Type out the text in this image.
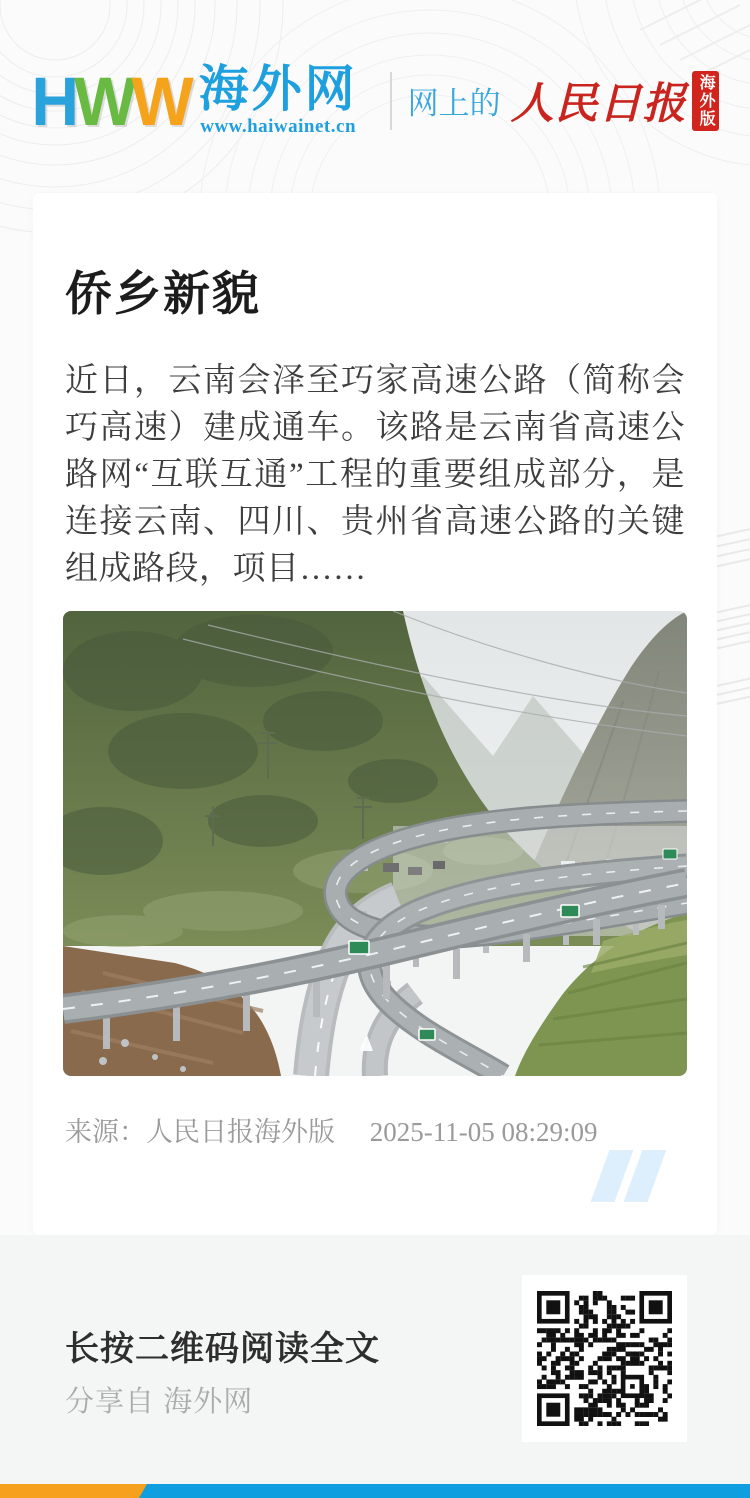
H W W 海外网
www.haiwainet.cn
网上的 人民日报 海外版
侨乡新貌

近日，云南会泽至巧家高速公路（简称会巧高速）建成通车。该路是云南省高速公路网“互联互通”工程的重要组成部分，是连接云南、四川、贵州省高速公路的关键组成路段，项目……

来源：人民日报海外版 2025-11-05 08:29:09
长按二维码阅读全文
分享自 海外网
